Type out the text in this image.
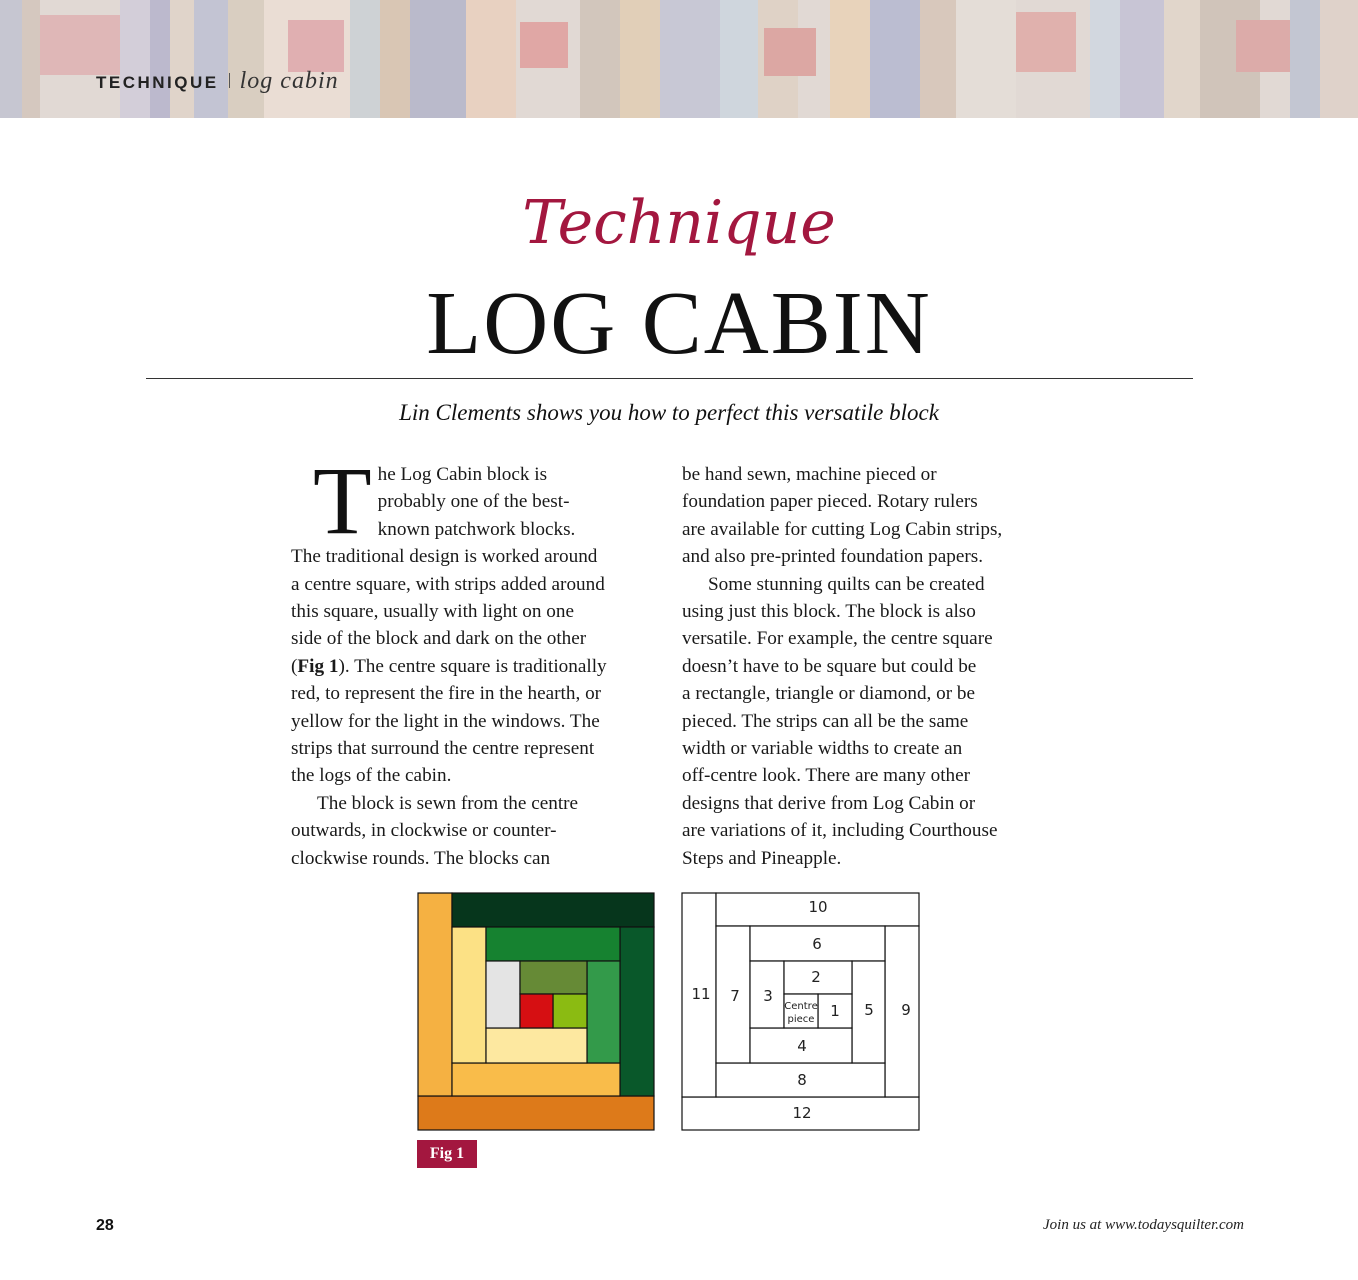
TECHNIQUE log cabin
Technique
LOG CABIN
Lin Clements shows you how to perfect this versatile block

T he Log Cabin block is
probably one of the best-
known patchwork blocks.
The traditional design is worked around
a centre square, with strips added around
this square, usually with light on one
side of the block and dark on the other
(Fig 1). The centre square is traditionally
red, to represent the fire in the hearth, or
yellow for the light in the windows. The
strips that surround the centre represent
the logs of the cabin.

The block is sewn from the centre
outwards, in clockwise or counter-
clockwise rounds. The blocks can

be hand sewn, machine pieced or
foundation paper pieced. Rotary rulers
are available for cutting Log Cabin strips,
and also pre-printed foundation papers.

Some stunning quilts can be created
using just this block. The block is also
versatile. For example, the centre square
doesn’t have to be square but could be
a rectangle, triangle or diamond, or be
pieced. The strips can all be the same
width or variable widths to create an
off-centre look. There are many other
designs that derive from Log Cabin or
are variations of it, including Courthouse
Steps and Pineapple.

Fig 1
12
11
10
9
8
7
6
5
4
3
2
1
Centre
piece
28	Join us at www.todaysquilter.com
